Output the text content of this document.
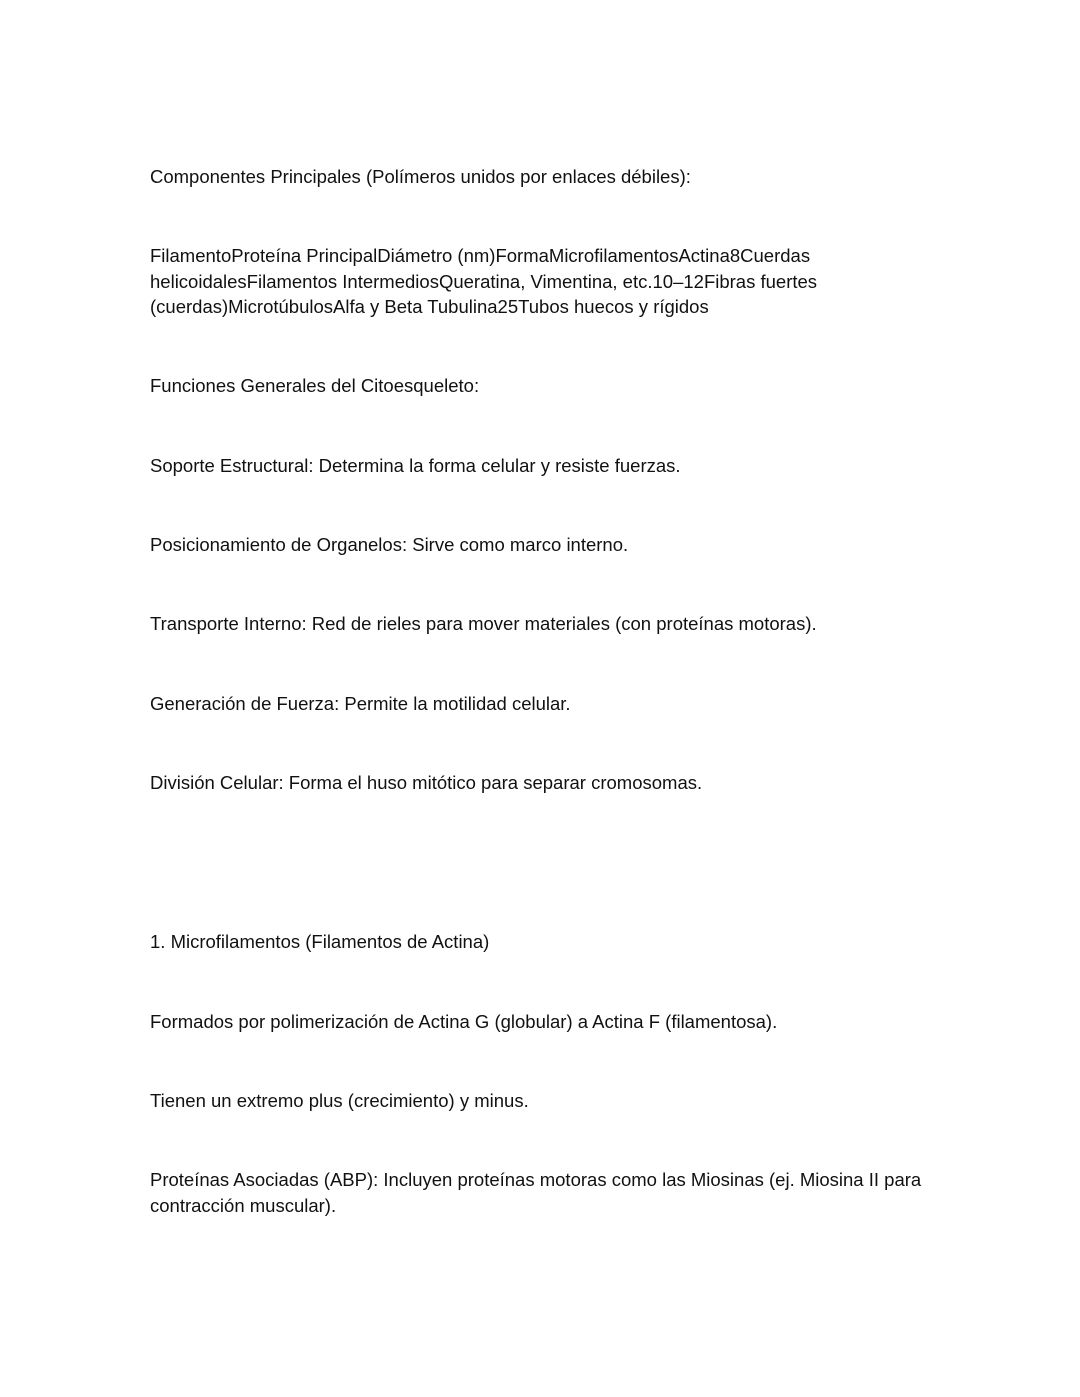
Componentes Principales (Polímeros unidos por enlaces débiles):

FilamentoProteína PrincipalDiámetro (nm)FormaMicrofilamentosActina8Cuerdas helicoidalesFilamentos IntermediosQueratina, Vimentina, etc.10–12Fibras fuertes (cuerdas)MicrotúbulosAlfa y Beta Tubulina25Tubos huecos y rígidos

Funciones Generales del Citoesqueleto:

Soporte Estructural: Determina la forma celular y resiste fuerzas.

Posicionamiento de Organelos: Sirve como marco interno.

Transporte Interno: Red de rieles para mover materiales (con proteínas motoras).

Generación de Fuerza: Permite la motilidad celular.

División Celular: Forma el huso mitótico para separar cromosomas.

1. Microfilamentos (Filamentos de Actina)

Formados por polimerización de Actina G (globular) a Actina F (filamentosa).

Tienen un extremo plus (crecimiento) y minus.

Proteínas Asociadas (ABP): Incluyen proteínas motoras como las Miosinas (ej. Miosina II para contracción muscular).
